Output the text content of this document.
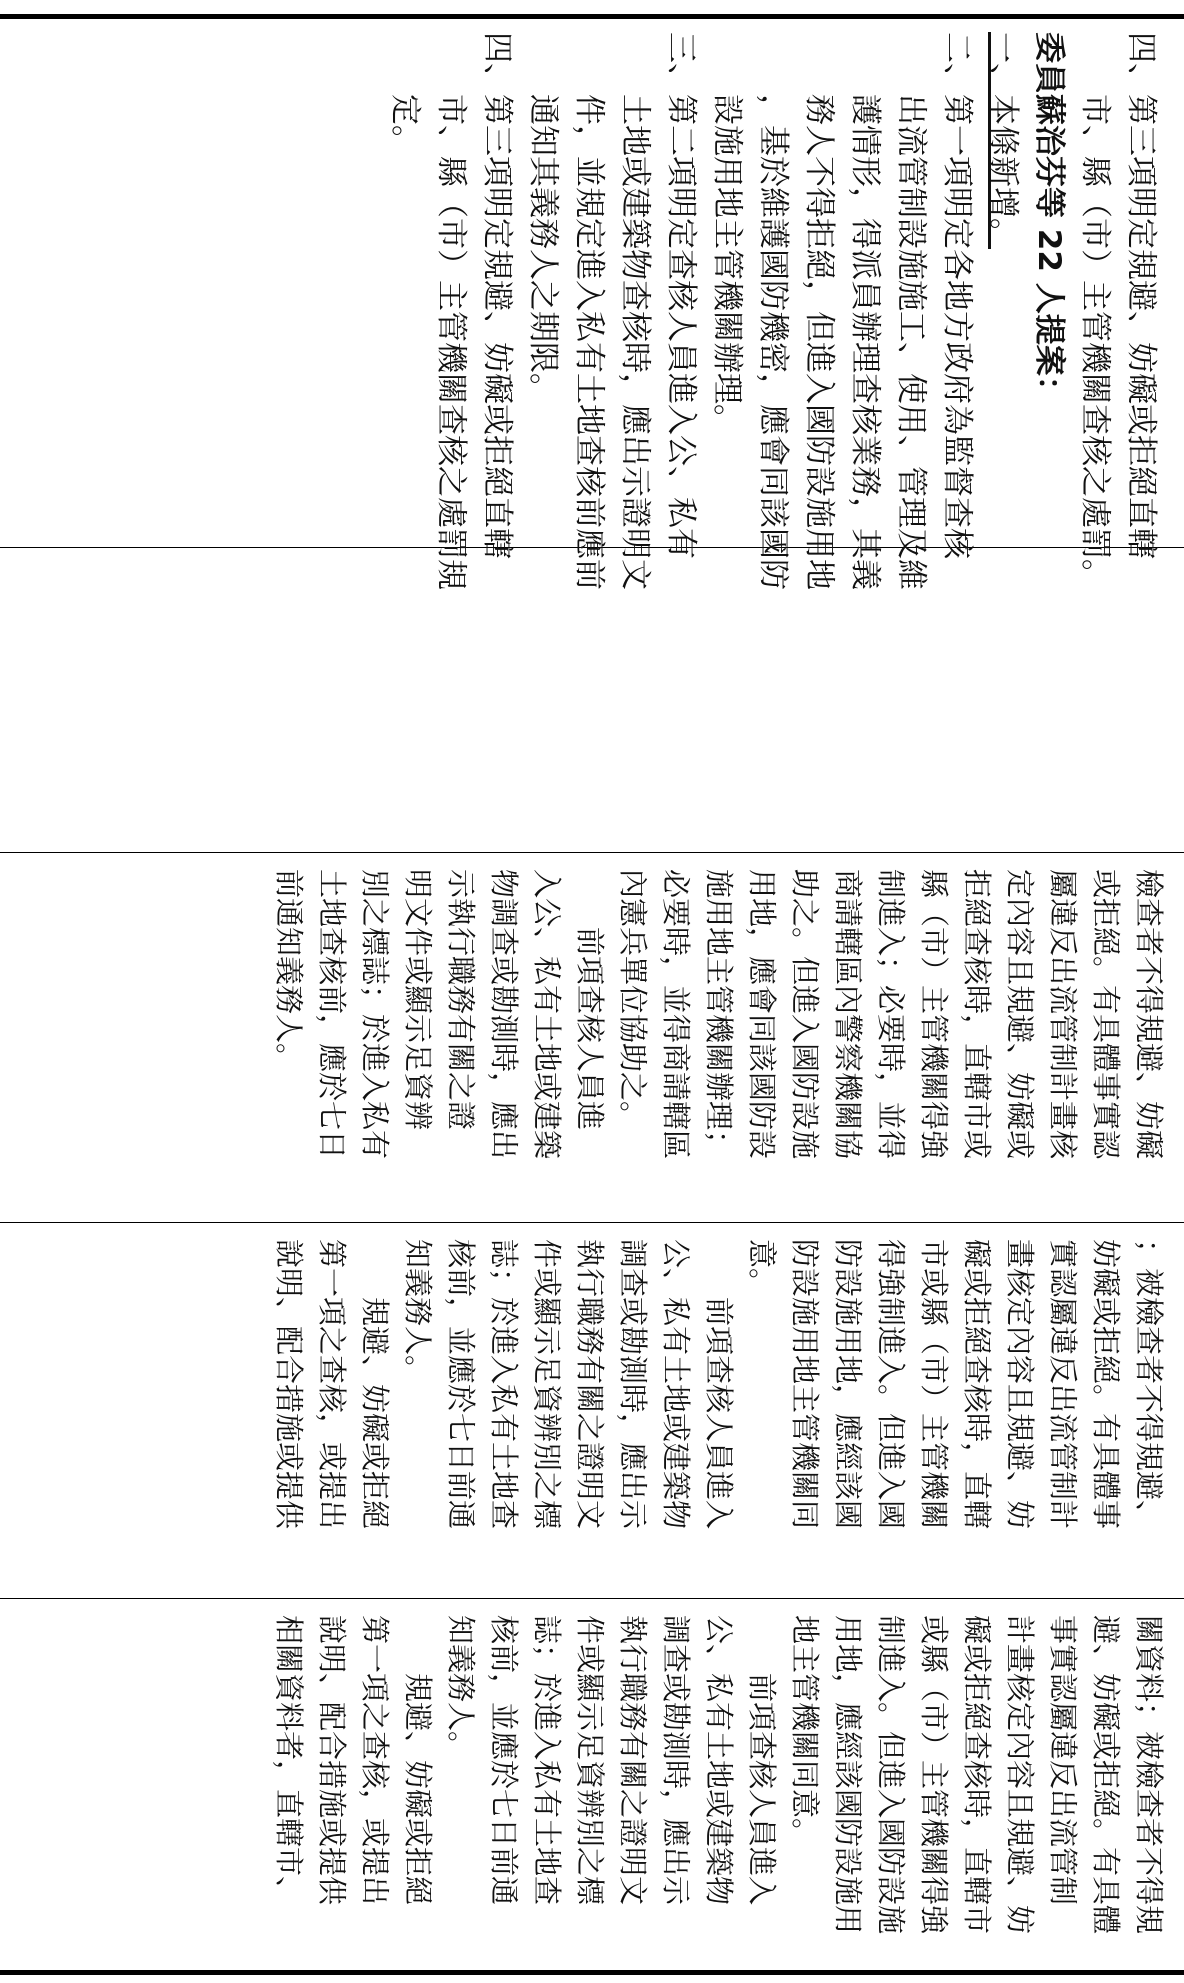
四、第三項明定規避、妨礙或拒絕直轄
　　市、縣（市）主管機關查核之處罰。
委員蘇治芬等 22 人提案：
一、本條新增。
二、第一項明定各地方政府為監督查核
　　出流管制設施施工、使用、管理及維
　　護情形，得派員辦理查核業務，其義
　　務人不得拒絕，但進入國防設施用地
　　，基於維護國防機密，應會同該國防
　　設施用地主管機關辦理。
三、第二項明定查核人員進入公、私有
　　土地或建築物查核時，應出示證明文
　　件，並規定進入私有土地查核前應前
　　通知其義務人之期限。
四、第三項明定規避、妨礙或拒絕直轄
　　市、縣（市）主管機關查核之處罰規
　　定。
檢查者不得規避、妨礙
或拒絕。有具體事實認
屬違反出流管制計畫核
定內容且規避、妨礙或
拒絕查核時，直轄市或
縣（市）主管機關得強
制進入；必要時，並得
商請轄區內警察機關協
助之。但進入國防設施
用地，應會同該國防設
施用地主管機關辦理；
必要時，並得商請轄區
內憲兵單位協助之。
　　前項查核人員進
入公、私有土地或建築
物調查或勘測時，應出
示執行職務有關之證
明文件或顯示足資辨
別之標誌；於進入私有
土地查核前，應於七日
前通知義務人。
；被檢查者不得規避、
妨礙或拒絕。有具體事
實認屬違反出流管制計
畫核定內容且規避、妨
礙或拒絕查核時，直轄
市或縣（市）主管機關
得強制進入。但進入國
防設施用地，應經該國
防設施用地主管機關同
意。
　　前項查核人員進入
公、私有土地或建築物
調查或勘測時，應出示
執行職務有關之證明文
件或顯示足資辨別之標
誌；於進入私有土地查
核前，並應於七日前通
知義務人。
　　規避、妨礙或拒絕
第一項之查核，或提出
說明、配合措施或提供
關資料；被檢查者不得規
避、妨礙或拒絕。有具體
事實認屬違反出流管制
計畫核定內容且規避、妨
礙或拒絕查核時，直轄市
或縣（市）主管機關得強
制進入。但進入國防設施
用地，應經該國防設施用
地主管機關同意。
　　前項查核人員進入
公、私有土地或建築物
調查或勘測時，應出示
執行職務有關之證明文
件或顯示足資辨別之標
誌；於進入私有土地查
核前，並應於七日前通
知義務人。
　　規避、妨礙或拒絕
第一項之查核，或提出
說明、配合措施或提供
相關資料者，直轄市、
